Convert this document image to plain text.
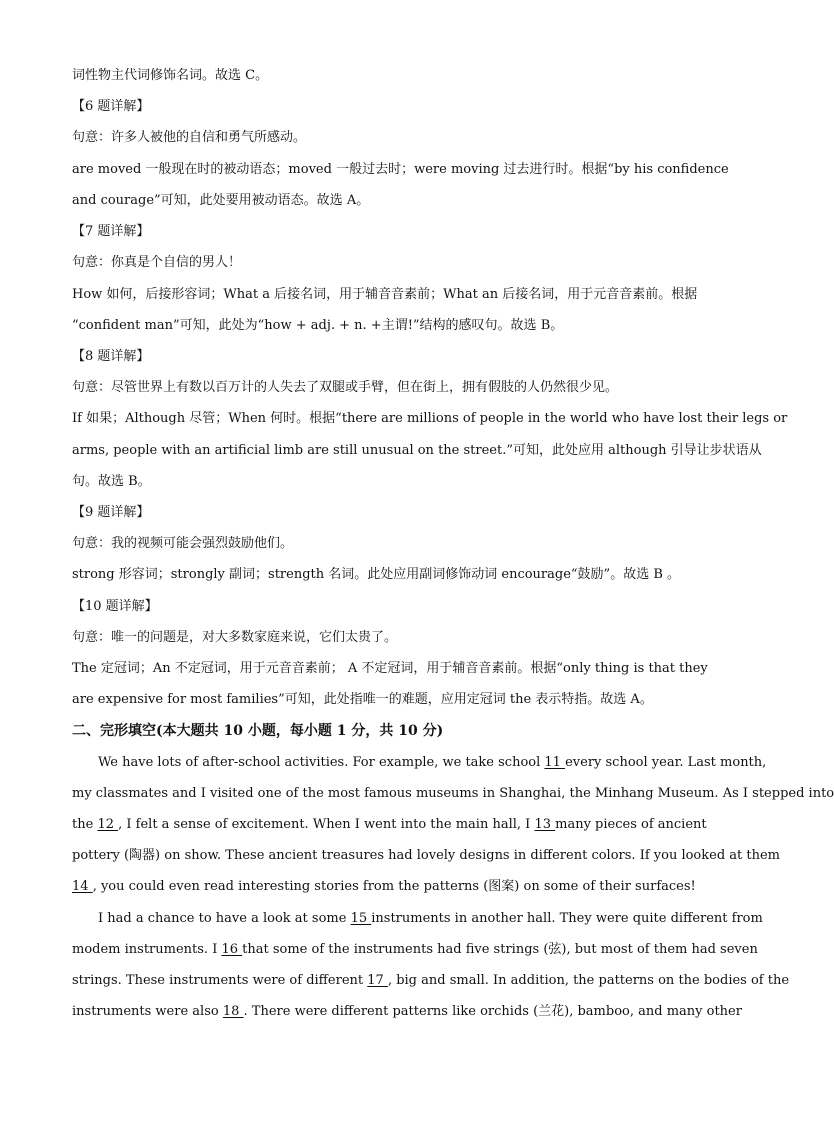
词性物主代词修饰名词。故选 C。
【6 题详解】
句意：许多人被他的自信和勇气所感动。
are moved 一般现在时的被动语态；moved 一般过去时；were moving 过去进行时。根据“by his confidence
and courage”可知，此处要用被动语态。故选 A。
【7 题详解】
句意：你真是个自信的男人！
How 如何，后接形容词；What a 后接名词，用于辅音音素前；What an 后接名词，用于元音音素前。根据
“confident man”可知，此处为“how + adj. + n. +主谓!”结构的感叹句。故选 B。
【8 题详解】
句意：尽管世界上有数以百万计的人失去了双腿或手臂，但在街上，拥有假肢的人仍然很少见。
If 如果；Although 尽管；When 何时。根据“there are millions of people in the world who have lost their legs or
arms, people with an artificial limb are still unusual on the street.”可知，此处应用 although 引导让步状语从
句。故选 B。
【9 题详解】
句意：我的视频可能会强烈鼓励他们。
strong 形容词；strongly 副词；strength 名词。此处应用副词修饰动词 encourage“鼓励”。故选 B 。
【10 题详解】
句意：唯一的问题是，对大多数家庭来说，它们太贵了。
The 定冠词；An 不定冠词，用于元音音素前； A 不定冠词，用于辅音音素前。根据“only thing is that they
are expensive for most families”可知，此处指唯一的难题，应用定冠词 the 表示特指。故选 A。
二、完形填空(本大题共 10 小题，每小题 1 分，共 10 分)
We have lots of after-school activities. For example, we take school 11 every school year. Last month,
my classmates and I visited one of the most famous museums in Shanghai, the Minhang Museum. As I stepped into
the 12 , I felt a sense of excitement. When I went into the main hall, I 13 many pieces of ancient
pottery (陶器) on show. These ancient treasures had lovely designs in different colors. If you looked at them
14 , you could even read interesting stories from the patterns (图案) on some of their surfaces!
I had a chance to have a look at some 15 instruments in another hall. They were quite different from
modem instruments. I 16 that some of the instruments had five strings (弦), but most of them had seven
strings. These instruments were of different 17 , big and small. In addition, the patterns on the bodies of the
instruments were also 18 . There were different patterns like orchids (兰花), bamboo, and many other
